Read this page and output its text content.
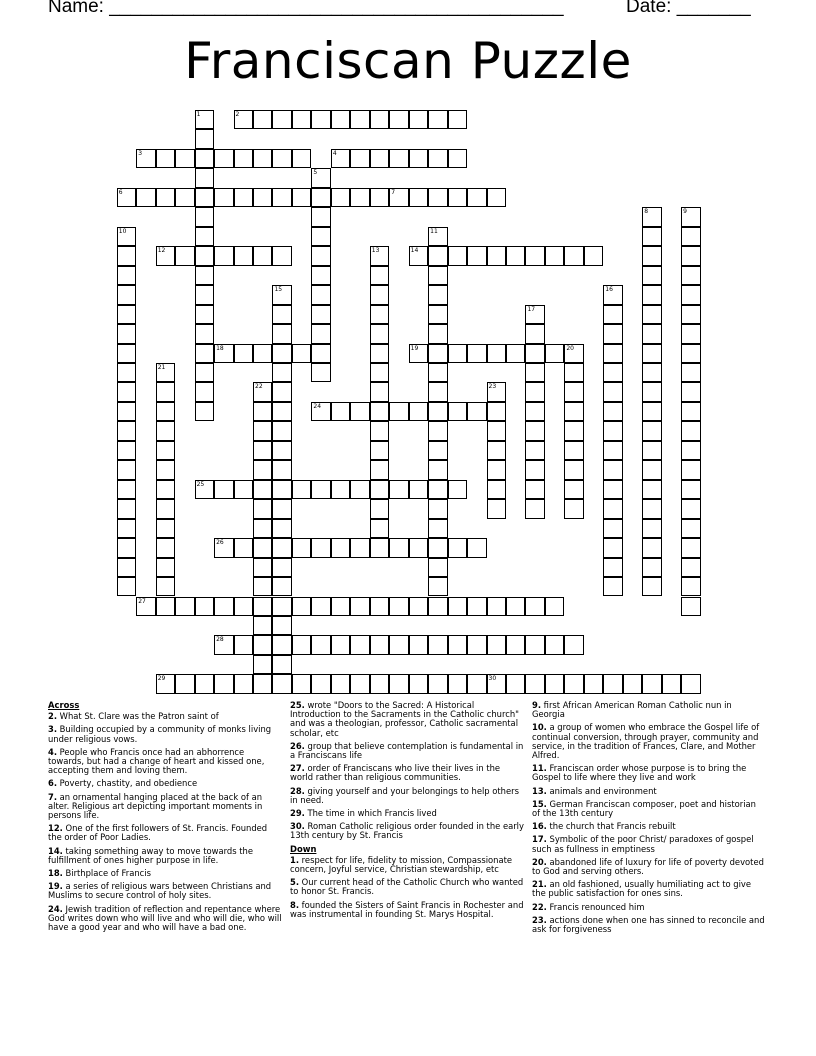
Name: ___________________________________________	Date: _______
Franciscan Puzzle
2
3	4
6	7
12	14
18	19
24
25
26
27
28
29	30
1
5
8	9
10	11
13
15	16
17
20
21
22	23
Across
2. What St. Clare was the Patron saint of
3. Building occupied by a community of monks living under religious vows.
4. People who Francis once had an abhorrence towards, but had a change of heart and kissed one, accepting them and loving them.
6. Poverty, chastity, and obedience
7. an ornamental hanging placed at the back of an alter. Religious art depicting important moments in persons life.
12. One of the first followers of St. Francis. Founded the order of Poor Ladies.
14. taking something away to move towards the fulfillment of ones higher purpose in life.
18. Birthplace of Francis
19. a series of religious wars between Christians and Muslims to secure control of holy sites.
24. Jewish tradition of reflection and repentance where God writes down who will live and who will die, who will have a good year and who will have a bad one.
25. wrote "Doors to the Sacred: A Historical Introduction to the Sacraments in the Catholic church" and was a theologian, professor, Catholic sacramental scholar, etc
26. group that believe contemplation is fundamental in a Franciscans life
27. order of Franciscans who live their lives in the world rather than religious communities.
28. giving yourself and your belongings to help others in need.
29. The time in which Francis lived
30. Roman Catholic religious order founded in the early 13th century by St. Francis
Down
1. respect for life, fidelity to mission, Compassionate concern, Joyful service, Christian stewardship, etc
5. Our current head of the Catholic Church who wanted to honor St. Francis.
8. founded the Sisters of Saint Francis in Rochester and was instrumental in founding St. Marys Hospital.
9. first African American Roman Catholic nun in Georgia
10. a group of women who embrace the Gospel life of continual conversion, through prayer, community and service, in the tradition of Frances, Clare, and Mother Alfred.
11. Franciscan order whose purpose is to bring the Gospel to life where they live and work
13. animals and environment
15. German Franciscan composer, poet and historian of the 13th century
16. the church that Francis rebuilt
17. Symbolic of the poor Christ/ paradoxes of gospel such as fullness in emptiness
20. abandoned life of luxury for life of poverty devoted to God and serving others.
21. an old fashioned, usually humiliating act to give the public satisfaction for ones sins.
22. Francis renounced him
23. actions done when one has sinned to reconcile and ask for forgiveness
